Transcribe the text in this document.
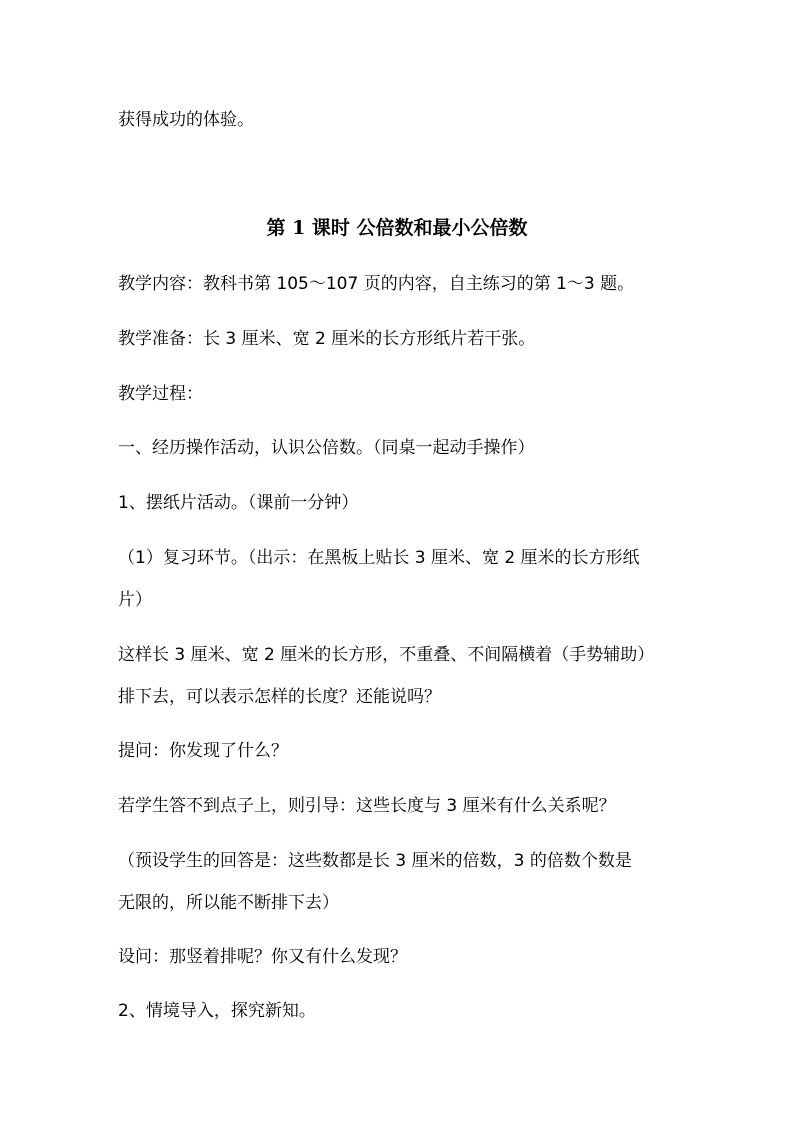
获得成功的体验。
第 1 课时 公倍数和最小公倍数
教学内容：教科书第 105～107 页的内容，自主练习的第 1～3 题。
教学准备：长 3 厘米、宽 2 厘米的长方形纸片若干张。
教学过程：
一、经历操作活动，认识公倍数。（同桌一起动手操作）
1、摆纸片活动。（课前一分钟）
（1）复习环节。（出示：在黑板上贴长 3 厘米、宽 2 厘米的长方形纸
片）
这样长 3 厘米、宽 2 厘米的长方形，不重叠、不间隔横着（手势辅助）
排下去，可以表示怎样的长度？还能说吗？
提问：你发现了什么？
若学生答不到点子上，则引导：这些长度与 3 厘米有什么关系呢？
（预设学生的回答是：这些数都是长 3 厘米的倍数，3 的倍数个数是
无限的，所以能不断排下去）
设问：那竖着排呢？你又有什么发现？
2、情境导入，探究新知。
